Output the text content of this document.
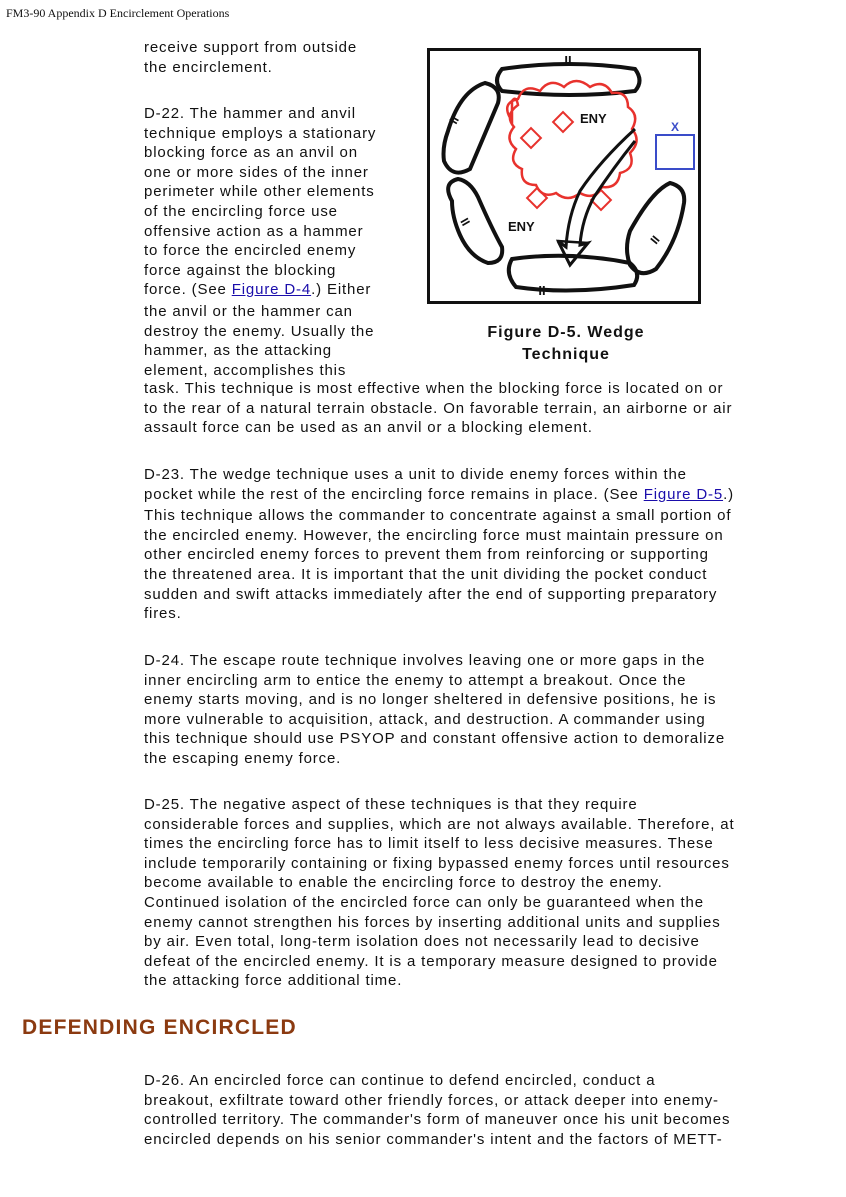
FM3-90 Appendix D Encirclement Operations

receive support from outside

the encirclement.

D-22. The hammer and anvil

technique employs a stationary

blocking force as an anvil on

one or more sides of the inner

perimeter while other elements

of the encircling force use

offensive action as a hammer

to force the encircled enemy

force against the blocking

force. (See Figure D-4.) Either

the anvil or the hammer can

destroy the enemy. Usually the

hammer, as the attacking

element, accomplishes this

task. This technique is most effective when the blocking force is located on or

to the rear of a natural terrain obstacle. On favorable terrain, an airborne or air

assault force can be used as an anvil or a blocking element.

II
II
II
II
II
X
ENY
ENY
Figure D-5. Wedge
Technique

D-23. The wedge technique uses a unit to divide enemy forces within the

pocket while the rest of the encircling force remains in place. (See Figure D-5.)

This technique allows the commander to concentrate against a small portion of

the encircled enemy. However, the encircling force must maintain pressure on

other encircled enemy forces to prevent them from reinforcing or supporting

the threatened area. It is important that the unit dividing the pocket conduct

sudden and swift attacks immediately after the end of supporting preparatory

fires.

D-24. The escape route technique involves leaving one or more gaps in the

inner encircling arm to entice the enemy to attempt a breakout. Once the

enemy starts moving, and is no longer sheltered in defensive positions, he is

more vulnerable to acquisition, attack, and destruction. A commander using

this technique should use PSYOP and constant offensive action to demoralize

the escaping enemy force.

D-25. The negative aspect of these techniques is that they require

considerable forces and supplies, which are not always available. Therefore, at

times the encircling force has to limit itself to less decisive measures. These

include temporarily containing or fixing bypassed enemy forces until resources

become available to enable the encircling force to destroy the enemy.

Continued isolation of the encircled force can only be guaranteed when the

enemy cannot strengthen his forces by inserting additional units and supplies

by air. Even total, long-term isolation does not necessarily lead to decisive

defeat of the encircled enemy. It is a temporary measure designed to provide

the attacking force additional time.

DEFENDING ENCIRCLED

D-26. An encircled force can continue to defend encircled, conduct a

breakout, exfiltrate toward other friendly forces, or attack deeper into enemy-

controlled territory. The commander's form of maneuver once his unit becomes

encircled depends on his senior commander's intent and the factors of METT-
